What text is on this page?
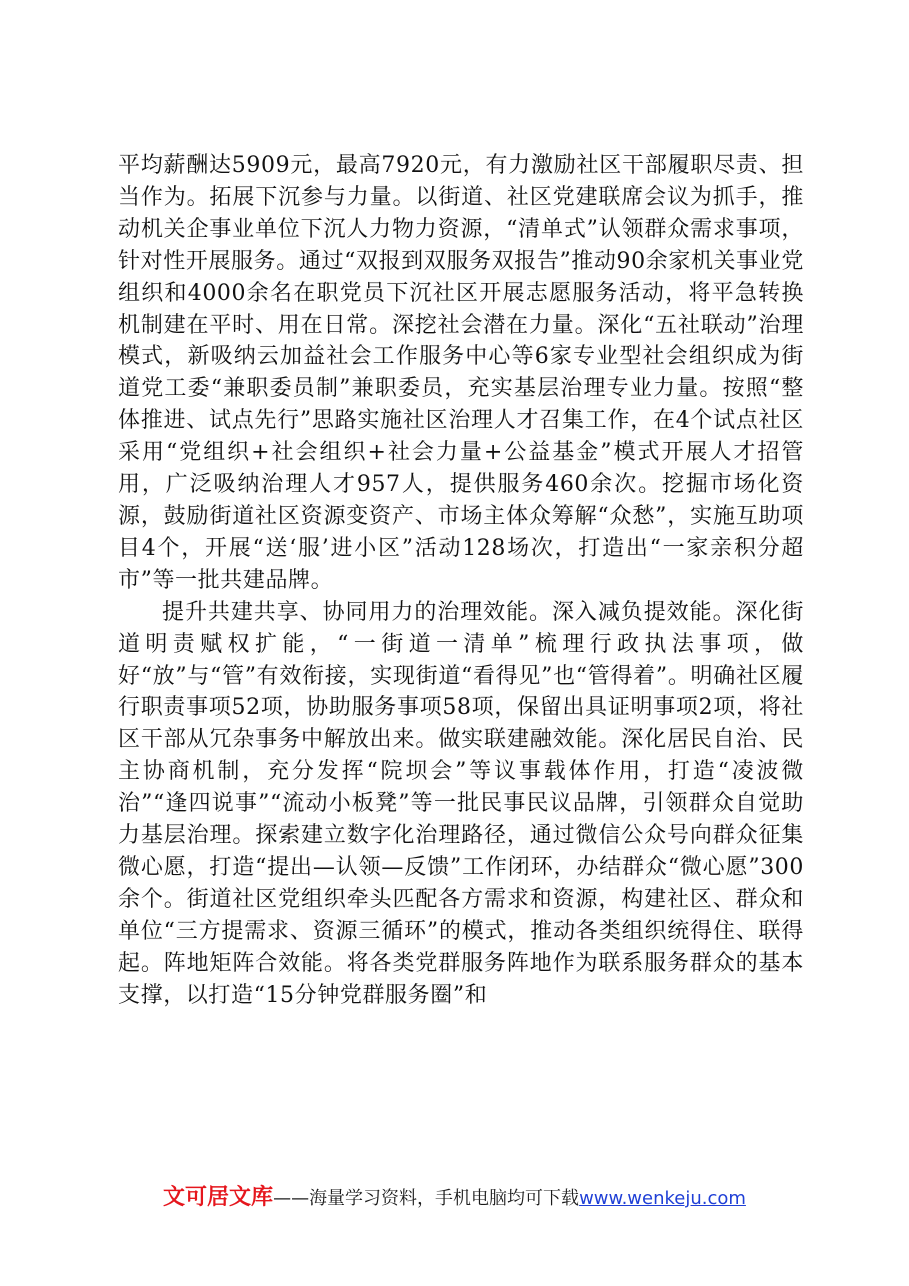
平均薪酬达5909元，最高7920元，有力激励社区干部履职尽责、担当作为。拓展下沉参与力量。以街道、社区党建联席会议为抓手，推动机关企事业单位下沉人力物力资源，“清单式”认领群众需求事项，针对性开展服务。通过“双报到双服务双报告”推动90余家机关事业党组织和4000余名在职党员下沉社区开展志愿服务活动，将平急转换机制建在平时、用在日常。深挖社会潜在力量。深化“五社联动”治理模式，新吸纳云加益社会工作服务中心等6家专业型社会组织成为街道党工委“兼职委员制”兼职委员，充实基层治理专业力量。按照“整体推进、试点先行”思路实施社区治理人才召集工作，在4个试点社区采用“党组织+社会组织+社会力量+公益基金”模式开展人才招管用，广泛吸纳治理人才957人，提供服务460余次。挖掘市场化资源，鼓励街道社区资源变资产、市场主体众筹解“众愁”，实施互助项目4个，开展“送‘服’进小区”活动128场次，打造出“一家亲积分超市”等一批共建品牌。

提升共建共享、协同用力的治理效能。深入减负提效能。深化街道明责赋权扩能，“一街道一清单”梳理行政执法事项，做好“放”与“管”有效衔接，实现街道“看得见”也“管得着”。明确社区履行职责事项52项，协助服务事项58项，保留出具证明事项2项，将社区干部从冗杂事务中解放出来。做实联建融效能。深化居民自治、民主协商机制，充分发挥“院坝会”等议事载体作用，打造“凌波微治”“逢四说事”“流动小板凳”等一批民事民议品牌，引领群众自觉助力基层治理。探索建立数字化治理路径，通过微信公众号向群众征集微心愿，打造“提出—认领—反馈”工作闭环，办结群众“微心愿”300余个。街道社区党组织牵头匹配各方需求和资源，构建社区、群众和单位“三方提需求、资源三循环”的模式，推动各类组织统得住、联得起。阵地矩阵合效能。将各类党群服务阵地作为联系服务群众的基本支撑，以打造“15分钟党群服务圈”和

文可居文库——海量学习资料，手机电脑均可下载www.wenkeju.com
